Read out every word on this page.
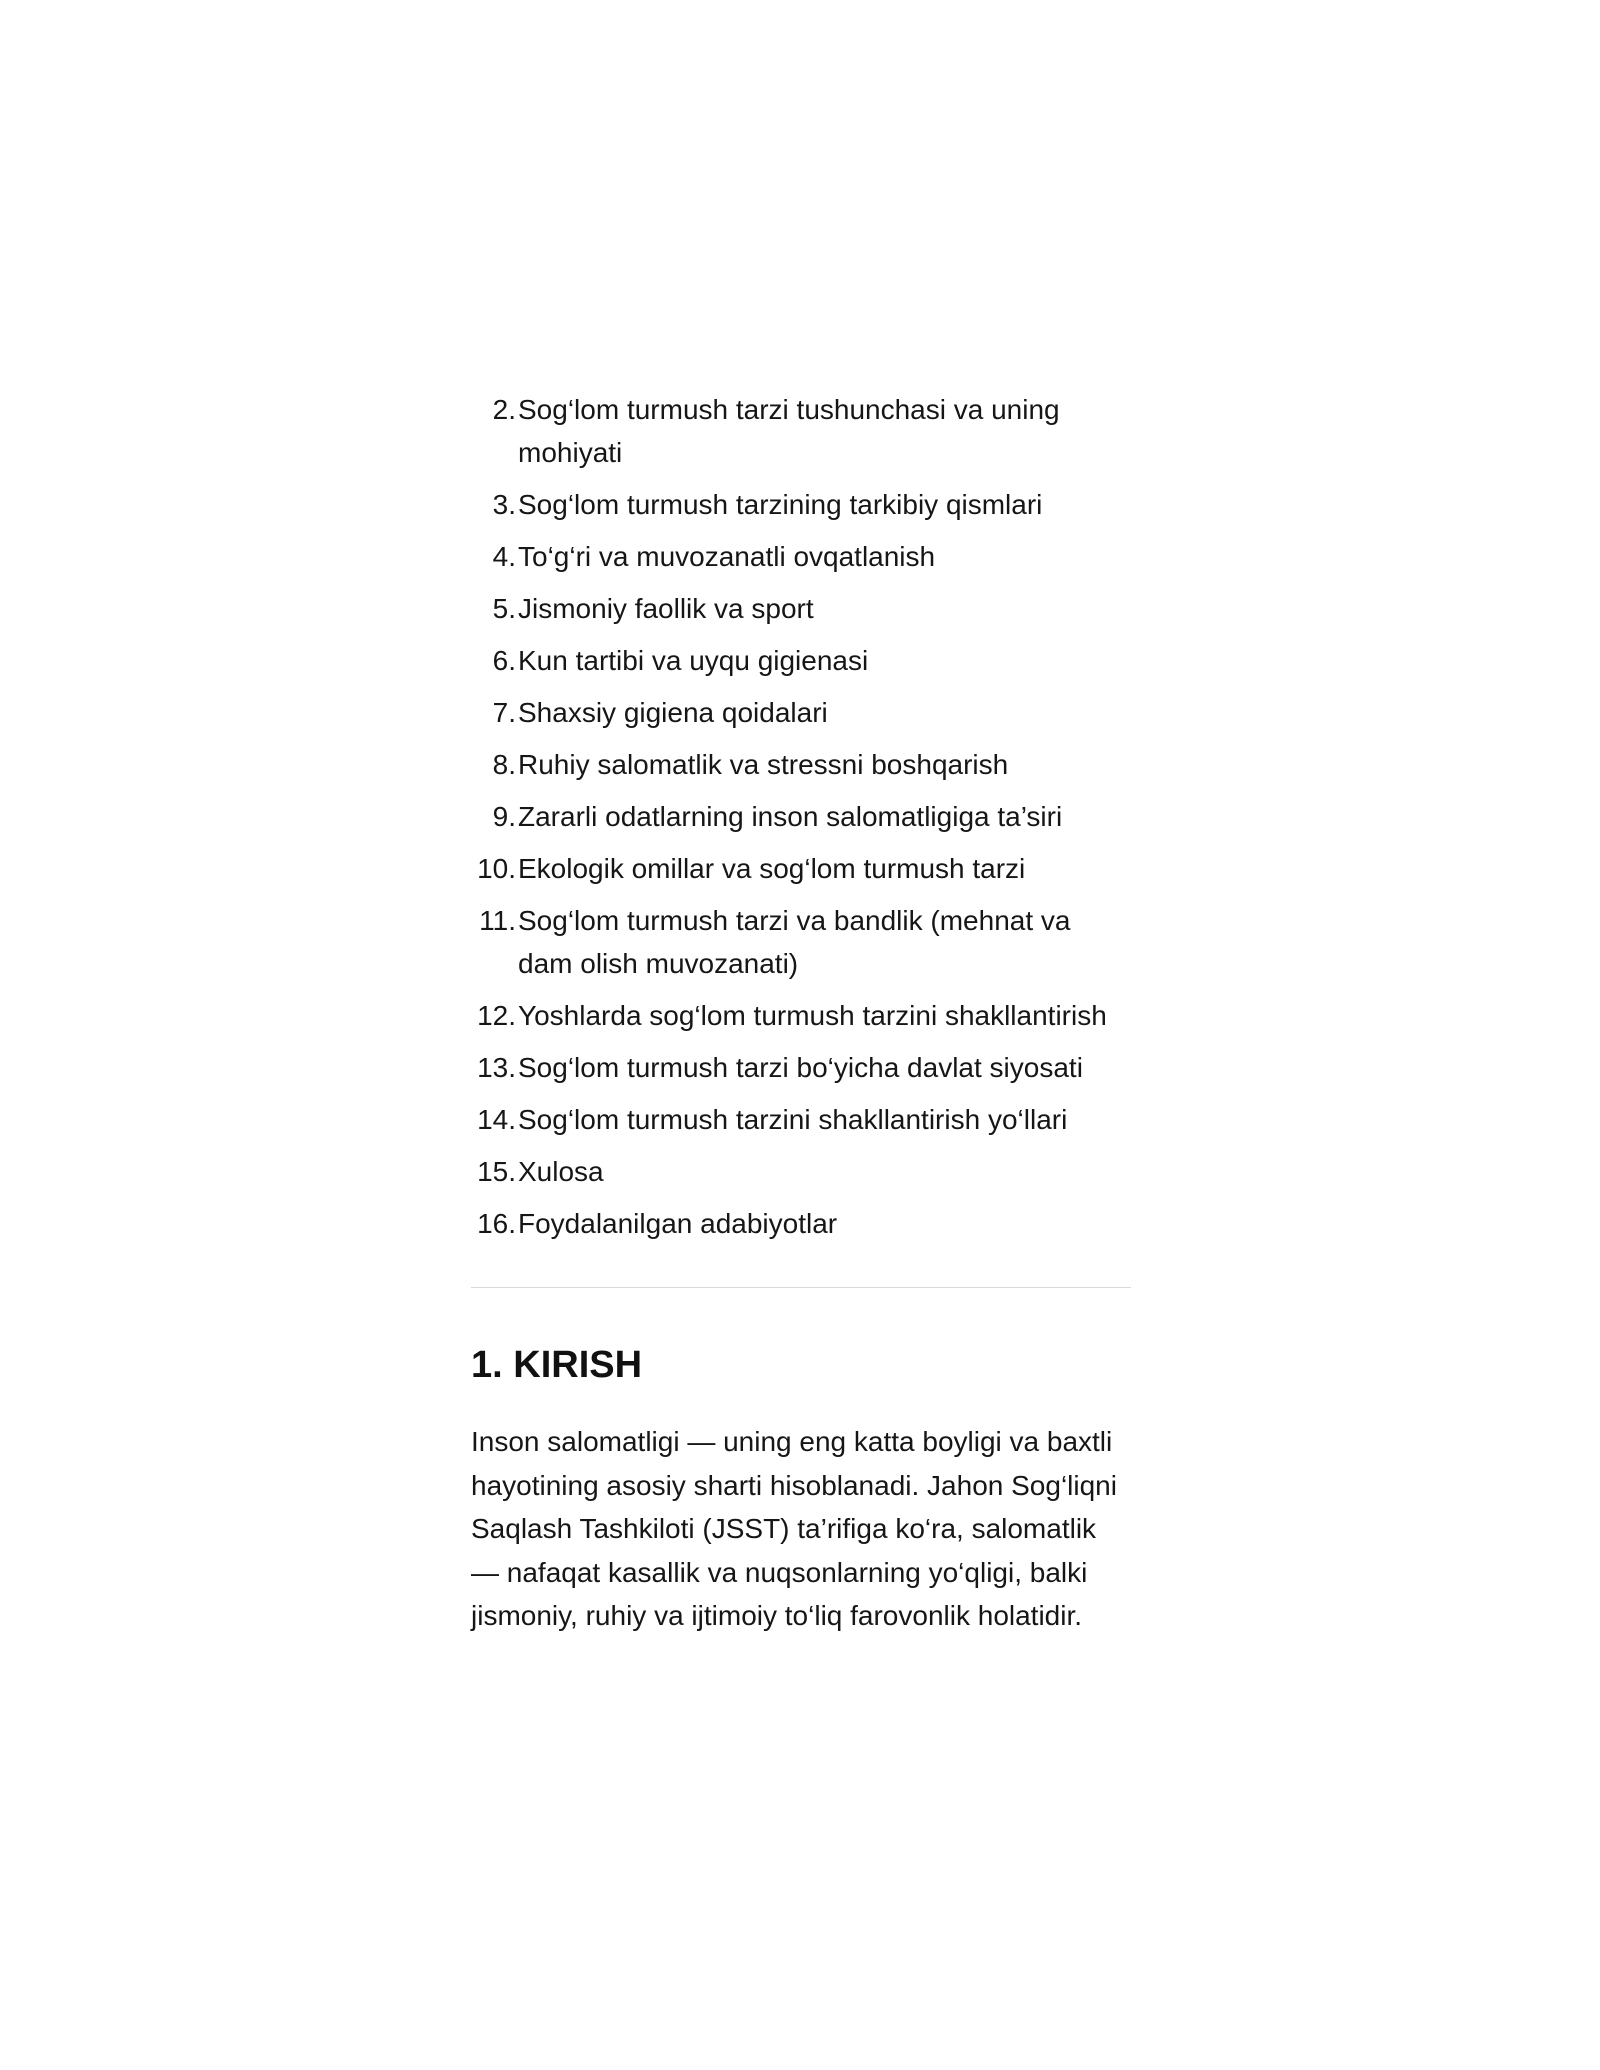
2. Sog‘lom turmush tarzi tushunchasi va uning mohiyati
3. Sog‘lom turmush tarzining tarkibiy qismlari
4. To‘g‘ri va muvozanatli ovqatlanish
5. Jismoniy faollik va sport
6. Kun tartibi va uyqu gigienasi
7. Shaxsiy gigiena qoidalari
8. Ruhiy salomatlik va stressni boshqarish
9. Zararli odatlarning inson salomatligiga ta’siri
10. Ekologik omillar va sog‘lom turmush tarzi
11. Sog‘lom turmush tarzi va bandlik (mehnat va dam olish muvozanati)
12. Yoshlarda sog‘lom turmush tarzini shakllantirish
13. Sog‘lom turmush tarzi bo‘yicha davlat siyosati
14. Sog‘lom turmush tarzini shakllantirish yo‘llari
15. Xulosa
16. Foydalanilgan adabiyotlar
1. KIRISH

Inson salomatligi — uning eng katta boyligi va baxtli hayotining asosiy sharti hisoblanadi. Jahon Sog‘liqni Saqlash Tashkiloti (JSST) ta’rifiga ko‘ra, salomatlik — nafaqat kasallik va nuqsonlarning yo‘qligi, balki jismoniy, ruhiy va ijtimoiy to‘liq farovonlik holatidir.
